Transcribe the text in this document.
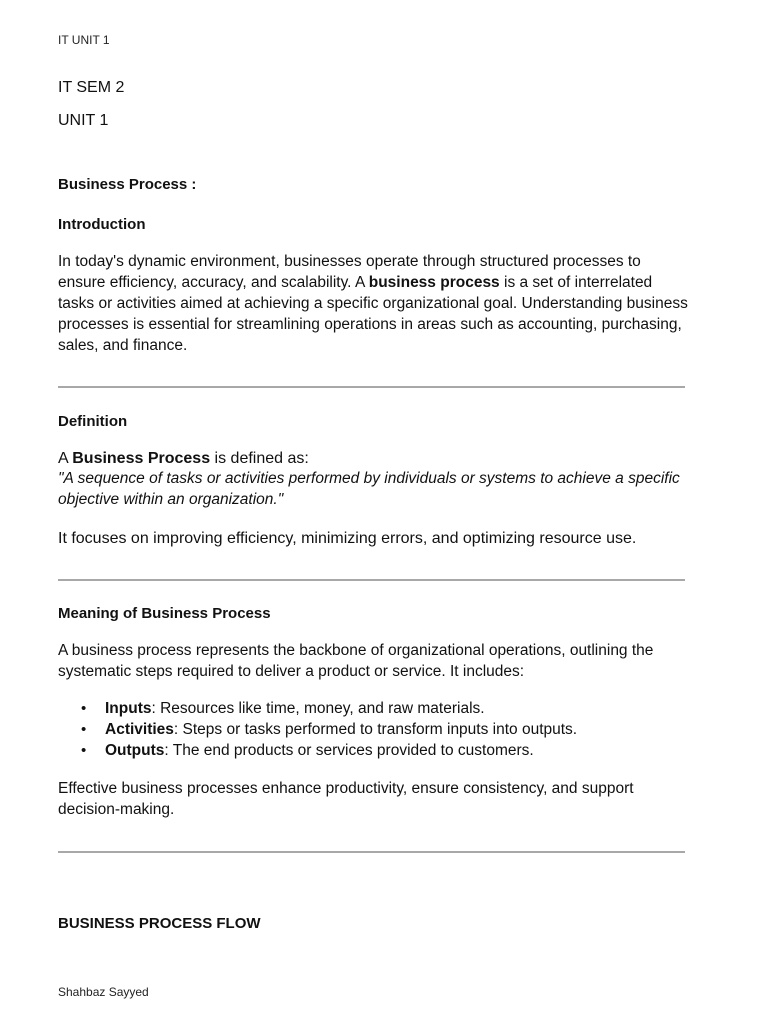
IT UNIT 1
IT SEM 2
UNIT 1
Business Process :
Introduction
In today's dynamic environment, businesses operate through structured processes to ensure efficiency, accuracy, and scalability. A business process is a set of interrelated tasks or activities aimed at achieving a specific organizational goal. Understanding business processes is essential for streamlining operations in areas such as accounting, purchasing, sales, and finance.
Definition
A Business Process is defined as:
"A sequence of tasks or activities performed by individuals or systems to achieve a specific objective within an organization."
It focuses on improving efficiency, minimizing errors, and optimizing resource use.
Meaning of Business Process
A business process represents the backbone of organizational operations, outlining the systematic steps required to deliver a product or service. It includes:
• Inputs: Resources like time, money, and raw materials.
• Activities: Steps or tasks performed to transform inputs into outputs.
• Outputs: The end products or services provided to customers.
Effective business processes enhance productivity, ensure consistency, and support decision-making.
BUSINESS PROCESS FLOW
Shahbaz Sayyed
